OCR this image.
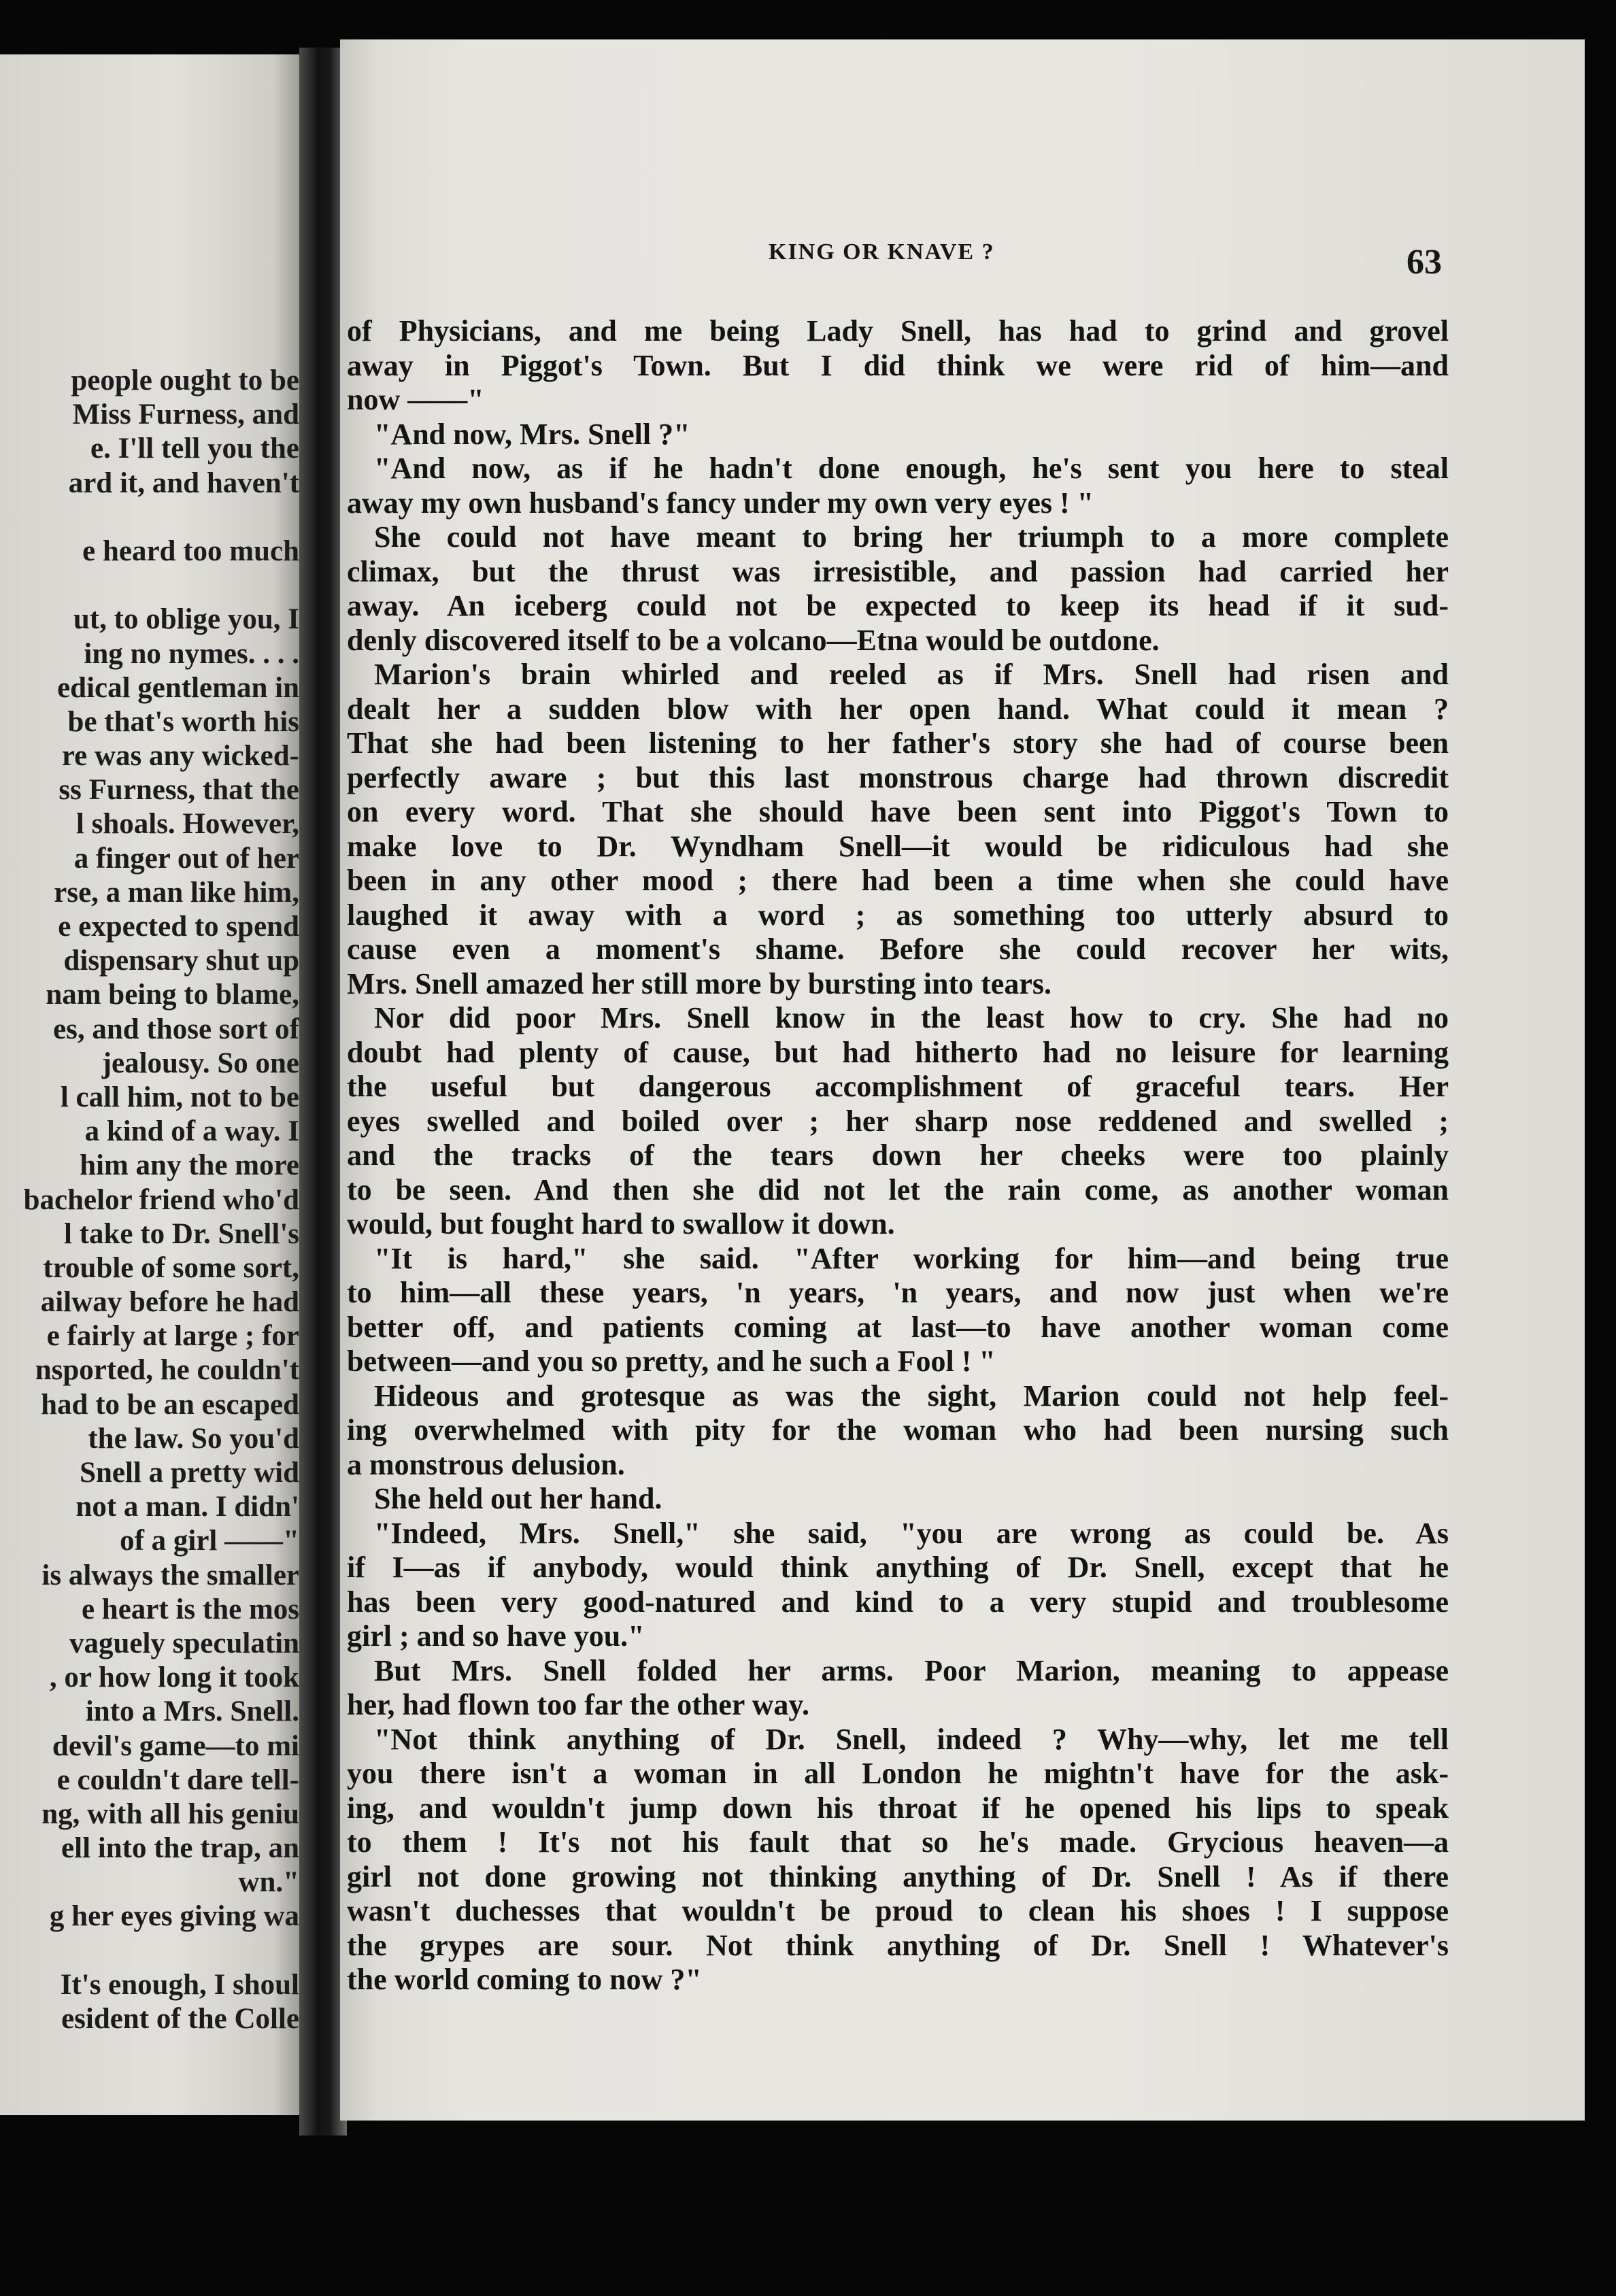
people ought to be
Miss Furness, and
e. I'll tell you the
ard it, and haven't
e heard too much
ut, to oblige you, I
ing no nymes. . . .
edical gentleman in
be that's worth his
re was any wicked-
ss Furness, that the
l shoals. However,
a finger out of her
rse, a man like him,
e expected to spend
dispensary shut up
nam being to blame,
es, and those sort of
jealousy. So one
l call him, not to be
a kind of a way. I
him any the more
bachelor friend who'd
l take to Dr. Snell's
trouble of some sort,
ailway before he had
e fairly at large ; for
nsported, he couldn't
had to be an escaped
the law. So you'd
Snell a pretty wid
not a man. I didn'
of a girl ——"
is always the smaller
e heart is the mos
vaguely speculatin
, or how long it took
into a Mrs. Snell.
devil's game—to mi
e couldn't dare tell-
ng, with all his geniu
ell into the trap, an
wn."
g her eyes giving wa
It's enough, I shoul
esident of the Colle
KING OR KNAVE ?	63
of Physicians, and me being Lady Snell, has had to grind and grovel
away in Piggot's Town. But I did think we were rid of him—and
now ——"
"And now, Mrs. Snell ?"
"And now, as if he hadn't done enough, he's sent you here to steal
away my own husband's fancy under my own very eyes ! "
She could not have meant to bring her triumph to a more complete
climax, but the thrust was irresistible, and passion had carried her
away. An iceberg could not be expected to keep its head if it sud-
denly discovered itself to be a volcano—Etna would be outdone.
Marion's brain whirled and reeled as if Mrs. Snell had risen and
dealt her a sudden blow with her open hand. What could it mean ?
That she had been listening to her father's story she had of course been
perfectly aware ; but this last monstrous charge had thrown discredit
on every word. That she should have been sent into Piggot's Town to
make love to Dr. Wyndham Snell—it would be ridiculous had she
been in any other mood ; there had been a time when she could have
laughed it away with a word ; as something too utterly absurd to
cause even a moment's shame. Before she could recover her wits,
Mrs. Snell amazed her still more by bursting into tears.
Nor did poor Mrs. Snell know in the least how to cry. She had no
doubt had plenty of cause, but had hitherto had no leisure for learning
the useful but dangerous accomplishment of graceful tears. Her
eyes swelled and boiled over ; her sharp nose reddened and swelled ;
and the tracks of the tears down her cheeks were too plainly
to be seen. And then she did not let the rain come, as another woman
would, but fought hard to swallow it down.
"It is hard," she said. "After working for him—and being true
to him—all these years, 'n years, 'n years, and now just when we're
better off, and patients coming at last—to have another woman come
between—and you so pretty, and he such a Fool ! "
Hideous and grotesque as was the sight, Marion could not help feel-
ing overwhelmed with pity for the woman who had been nursing such
a monstrous delusion.
She held out her hand.
"Indeed, Mrs. Snell," she said, "you are wrong as could be. As
if I—as if anybody, would think anything of Dr. Snell, except that he
has been very good-natured and kind to a very stupid and troublesome
girl ; and so have you."
But Mrs. Snell folded her arms. Poor Marion, meaning to appease
her, had flown too far the other way.
"Not think anything of Dr. Snell, indeed ? Why—why, let me tell
you there isn't a woman in all London he mightn't have for the ask-
ing, and wouldn't jump down his throat if he opened his lips to speak
to them ! It's not his fault that so he's made. Grycious heaven—a
girl not done growing not thinking anything of Dr. Snell ! As if there
wasn't duchesses that wouldn't be proud to clean his shoes ! I suppose
the grypes are sour. Not think anything of Dr. Snell ! Whatever's
the world coming to now ?"
